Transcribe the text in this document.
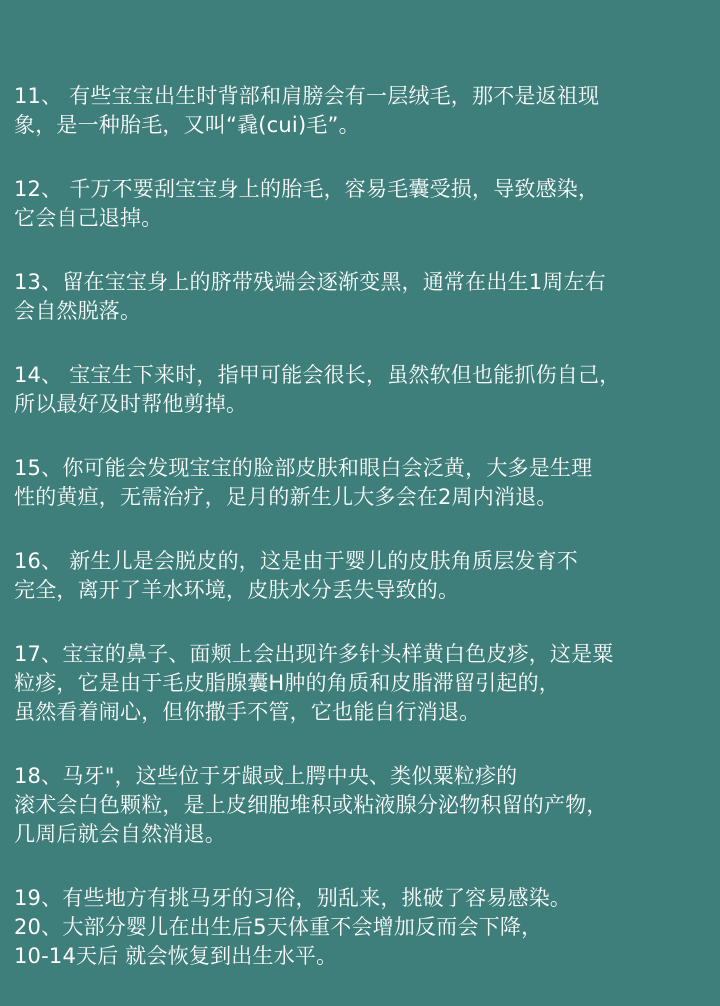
11、 有些宝宝出生时背部和肩膀会有一层绒毛，那不是返祖现
象，是一种胎毛，又叫“毳(cui)毛”。
12、 千万不要刮宝宝身上的胎毛，容易毛囊受损，导致感染，
它会自己退掉。
13、留在宝宝身上的脐带残端会逐渐变黑，通常在出生1周左右
会自然脱落。
14、 宝宝生下来时，指甲可能会很长，虽然软但也能抓伤自己，
所以最好及时帮他剪掉。
15、你可能会发现宝宝的脸部皮肤和眼白会泛黄，大多是生理
性的黄疸，无需治疗，足月的新生儿大多会在2周内消退。
16、 新生儿是会脱皮的，这是由于婴儿的皮肤角质层发育不
完全，离开了羊水环境，皮肤水分丢失导致的。
17、宝宝的鼻子、面颊上会出现许多针头样黄白色皮疹，这是粟
粒疹，它是由于毛皮脂腺囊H肿的角质和皮脂滞留引起的，
虽然看着闹心，但你撒手不管，它也能自行消退。
18、马牙"，这些位于牙龈或上腭中央、类似粟粒疹的
滚术会白色颗粒，是上皮细胞堆积或粘液腺分泌物积留的产物，
几周后就会自然消退。
19、有些地方有挑马牙的习俗，别乱来，挑破了容易感染。
20、大部分婴儿在出生后5天体重不会增加反而会下降，
10-14天后 就会恢复到出生水平。
